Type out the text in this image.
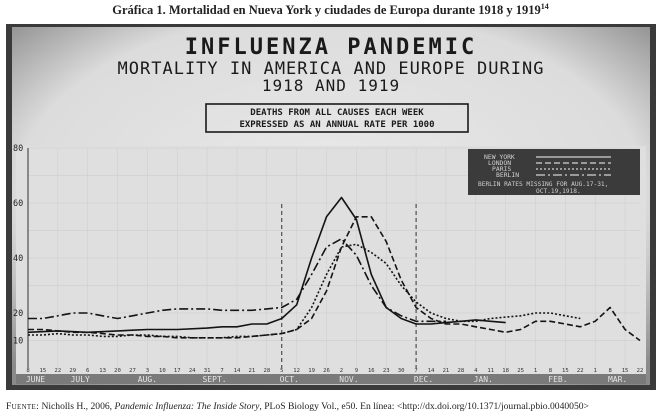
Gráfica 1. Mortalidad en Nueva York y ciudades de Europa durante 1918 y 1919$^{14}$
INFLUENZA PANDEMIC
MORTALITY IN AMERICA AND EUROPE DURING
1918 AND 1919
DEATHS FROM ALL CAUSES EACH WEEK
EXPRESSED AS AN ANNUAL RATE PER 1000
80
60
40
20
10
NEW YORK
LONDON
PARIS
BERLIN
BERLIN RATES MISSING FOR AUG.17-31,
OCT.19,1918.
8 15 22 29 6 13 20 27 3 10 17 24 31 7 14 21 28 5 12 19 26 2 9 16 23 30 7 14 21 28 4 11 18 25 1 8 15 22 1 8 15 22
JUNE	JULY	AUG.	SEPT.	OCT.	NOV.	DEC.	JAN.	FEB.	MAR.
Fuente: Nicholls H., 2006, Pandemic Influenza: The Inside Story, PLoS Biology Vol., e50. En línea: <http://dx.doi.org/10.1371/journal.pbio.0040050>
